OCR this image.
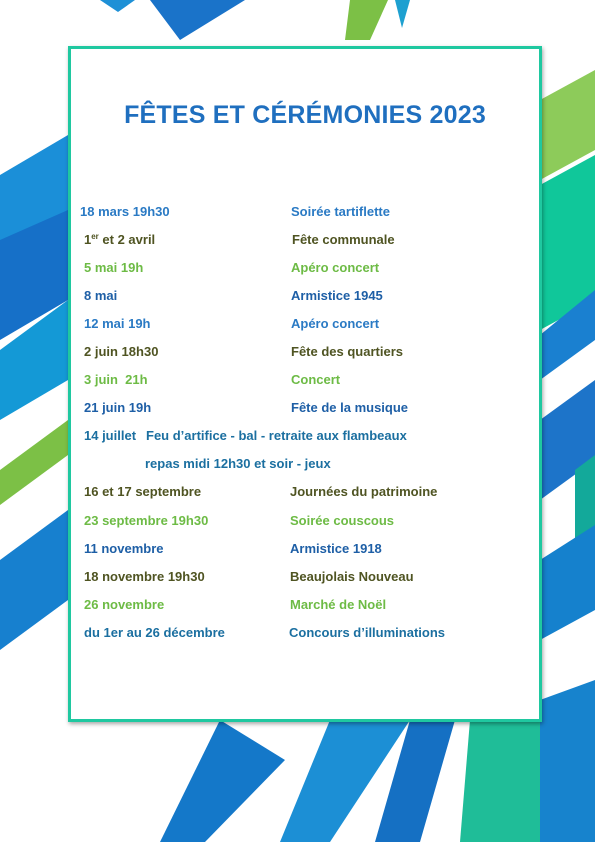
FÊTES ET CÉRÉMONIES 2023
18 mars 19h30	Soirée tartiflette
1er et 2 avril	Fête communale
5 mai 19h	Apéro concert
8 mai	Armistice 1945
12 mai 19h	Apéro concert
2 juin 18h30	Fête des quartiers
3 juin  21h	Concert
21 juin 19h	Fête de la musique
14 juillet Feu d’artifice - bal - retraite aux flambeaux
repas midi 12h30 et soir - jeux
16 et 17 septembre	Journées du patrimoine
23 septembre 19h30	Soirée couscous
11 novembre	Armistice 1918
18 novembre 19h30	Beaujolais Nouveau
26 novembre	Marché de Noël
du 1er au 26 décembre	Concours d’illuminations
